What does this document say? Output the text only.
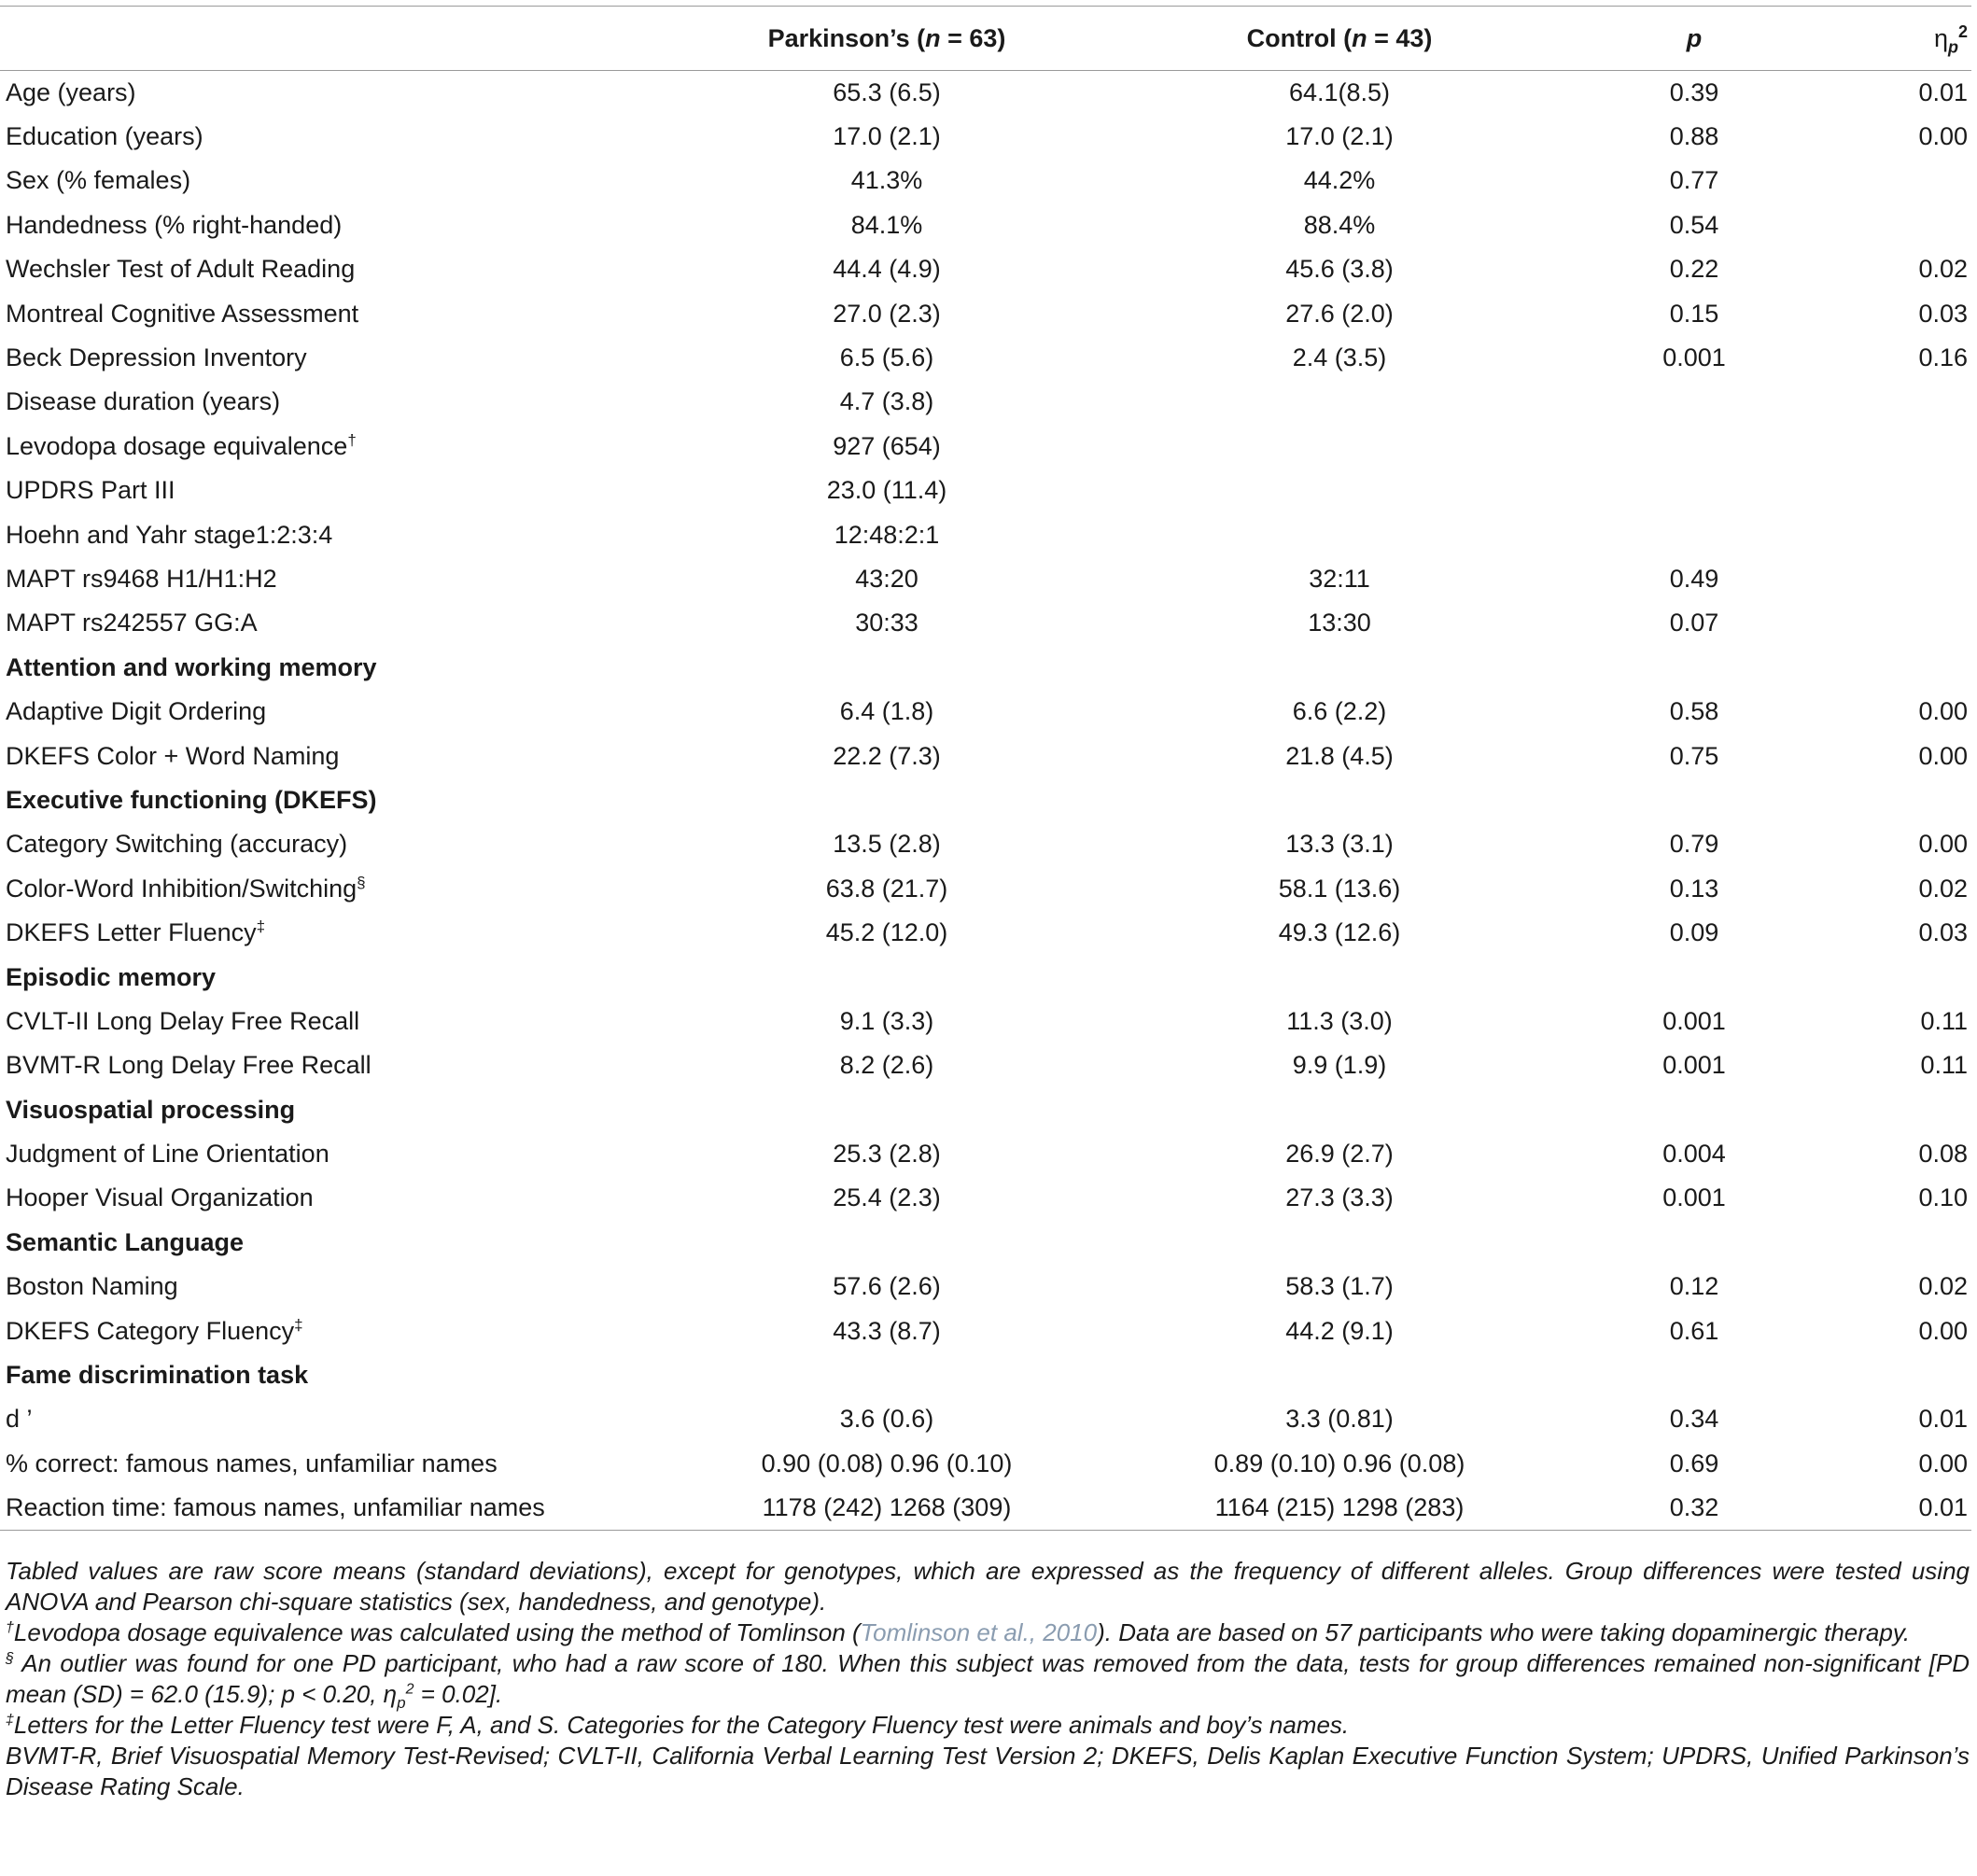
	Parkinson’s (n = 63)	Control (n = 43)	p	$\eta_p^2$
Age (years)	65.3 (6.5)	64.1(8.5)	0.39	0.01
Education (years)	17.0 (2.1)	17.0 (2.1)	0.88	0.00
Sex (% females)	41.3%	44.2%	0.77	
Handedness (% right-handed)	84.1%	88.4%	0.54	
Wechsler Test of Adult Reading	44.4 (4.9)	45.6 (3.8)	0.22	0.02
Montreal Cognitive Assessment	27.0 (2.3)	27.6 (2.0)	0.15	0.03
Beck Depression Inventory	6.5 (5.6)	2.4 (3.5)	0.001	0.16
Disease duration (years)	4.7 (3.8)			
Levodopa dosage equivalence†	927 (654)			
UPDRS Part III	23.0 (11.4)			
Hoehn and Yahr stage1:2:3:4	12:48:2:1			
MAPT rs9468 H1/H1:H2	43:20	32:11	0.49	
MAPT rs242557 GG:A	30:33	13:30	0.07	
Attention and working memory				
Adaptive Digit Ordering	6.4 (1.8)	6.6 (2.2)	0.58	0.00
DKEFS Color + Word Naming	22.2 (7.3)	21.8 (4.5)	0.75	0.00
Executive functioning (DKEFS)				
Category Switching (accuracy)	13.5 (2.8)	13.3 (3.1)	0.79	0.00
Color-Word Inhibition/Switching§	63.8 (21.7)	58.1 (13.6)	0.13	0.02
DKEFS Letter Fluency‡	45.2 (12.0)	49.3 (12.6)	0.09	0.03
Episodic memory				
CVLT-II Long Delay Free Recall	9.1 (3.3)	11.3 (3.0)	0.001	0.11
BVMT-R Long Delay Free Recall	8.2 (2.6)	9.9 (1.9)	0.001	0.11
Visuospatial processing				
Judgment of Line Orientation	25.3 (2.8)	26.9 (2.7)	0.004	0.08
Hooper Visual Organization	25.4 (2.3)	27.3 (3.3)	0.001	0.10
Semantic Language				
Boston Naming	57.6 (2.6)	58.3 (1.7)	0.12	0.02
DKEFS Category Fluency‡	43.3 (8.7)	44.2 (9.1)	0.61	0.00
Fame discrimination task				
d ’	3.6 (0.6)	3.3 (0.81)	0.34	0.01
% correct: famous names, unfamiliar names	0.90 (0.08) 0.96 (0.10)	0.89 (0.10) 0.96 (0.08)	0.69	0.00
Reaction time: famous names, unfamiliar names	1178 (242) 1268 (309)	1164 (215) 1298 (283)	0.32	0.01

Tabled values are raw score means (standard deviations), except for genotypes, which are expressed as the frequency of different alleles. Group differences were tested using ANOVA and Pearson chi-square statistics (sex, handedness, and genotype).

†Levodopa dosage equivalence was calculated using the method of Tomlinson (Tomlinson et al., 2010). Data are based on 57 participants who were taking dopaminergic therapy.

§ An outlier was found for one PD participant, who had a raw score of 180. When this subject was removed from the data, tests for group differences remained non-significant [PD mean (SD) = 62.0 (15.9); p < 0.20, $\eta_p^2 = 0.02$].

‡Letters for the Letter Fluency test were F, A, and S. Categories for the Category Fluency test were animals and boy’s names.

BVMT-R, Brief Visuospatial Memory Test-Revised; CVLT-II, California Verbal Learning Test Version 2; DKEFS, Delis Kaplan Executive Function System; UPDRS, Unified Parkinson’s Disease Rating Scale.
